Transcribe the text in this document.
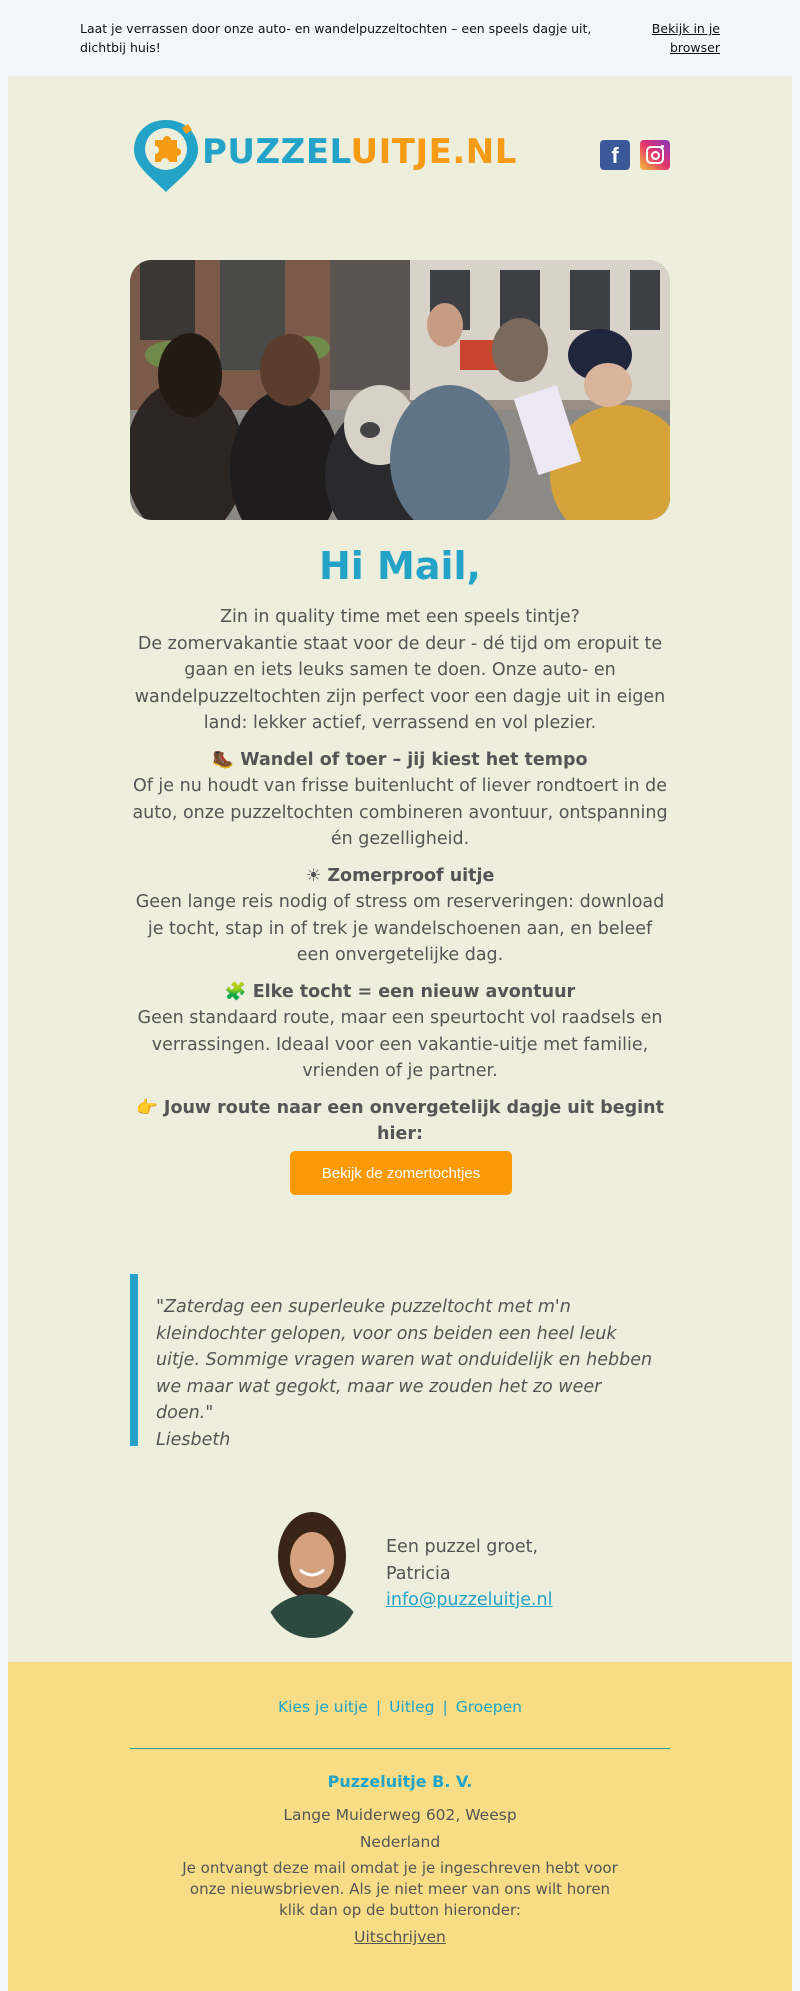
Laat je verrassen door onze auto- en wandelpuzzeltochten – een speels dagje uit, dichtbij huis!
Bekijk in je browser
PUZZELUITJE.NL	f
Hi Mail,

Zin in quality time met een speels tintje?

De zomervakantie staat voor de deur - dé tijd om eropuit te gaan en iets leuks samen te doen. Onze auto- en wandelpuzzeltochten zijn perfect voor een dagje uit in eigen land: lekker actief, verrassend en vol plezier.

🥾 Wandel of toer – jij kiest het tempo

Of je nu houdt van frisse buitenlucht of liever rondtoert in de auto, onze puzzeltochten combineren avontuur, ontspanning én gezelligheid.

☀ Zomerproof uitje

Geen lange reis nodig of stress om reserveringen: download je tocht, stap in of trek je wandelschoenen aan, en beleef een onvergetelijke dag.

🧩 Elke tocht = een nieuw avontuur

Geen standaard route, maar een speurtocht vol raadsels en verrassingen. Ideaal voor een vakantie-uitje met familie, vrienden of je partner.

👉 Jouw route naar een onvergetelijk dagje uit begint hier:

Bekijk de zomertochtjes
"Zaterdag een superleuke puzzeltocht met m'n kleindochter gelopen, voor ons beiden een heel leuk uitje. Sommige vragen waren wat onduidelijk en hebben we maar wat gegokt, maar we zouden het zo weer doen."
Liesbeth
Een puzzel groet,
Patricia
info@puzzeluitje.nl
Kies je uitje | Uitleg | Groepen
Puzzeluitje B. V.
Lange Muiderweg 602, Weesp
Nederland
Je ontvangt deze mail omdat je je ingeschreven hebt voor onze nieuwsbrieven. Als je niet meer van ons wilt horen klik dan op de button hieronder:
Uitschrijven
